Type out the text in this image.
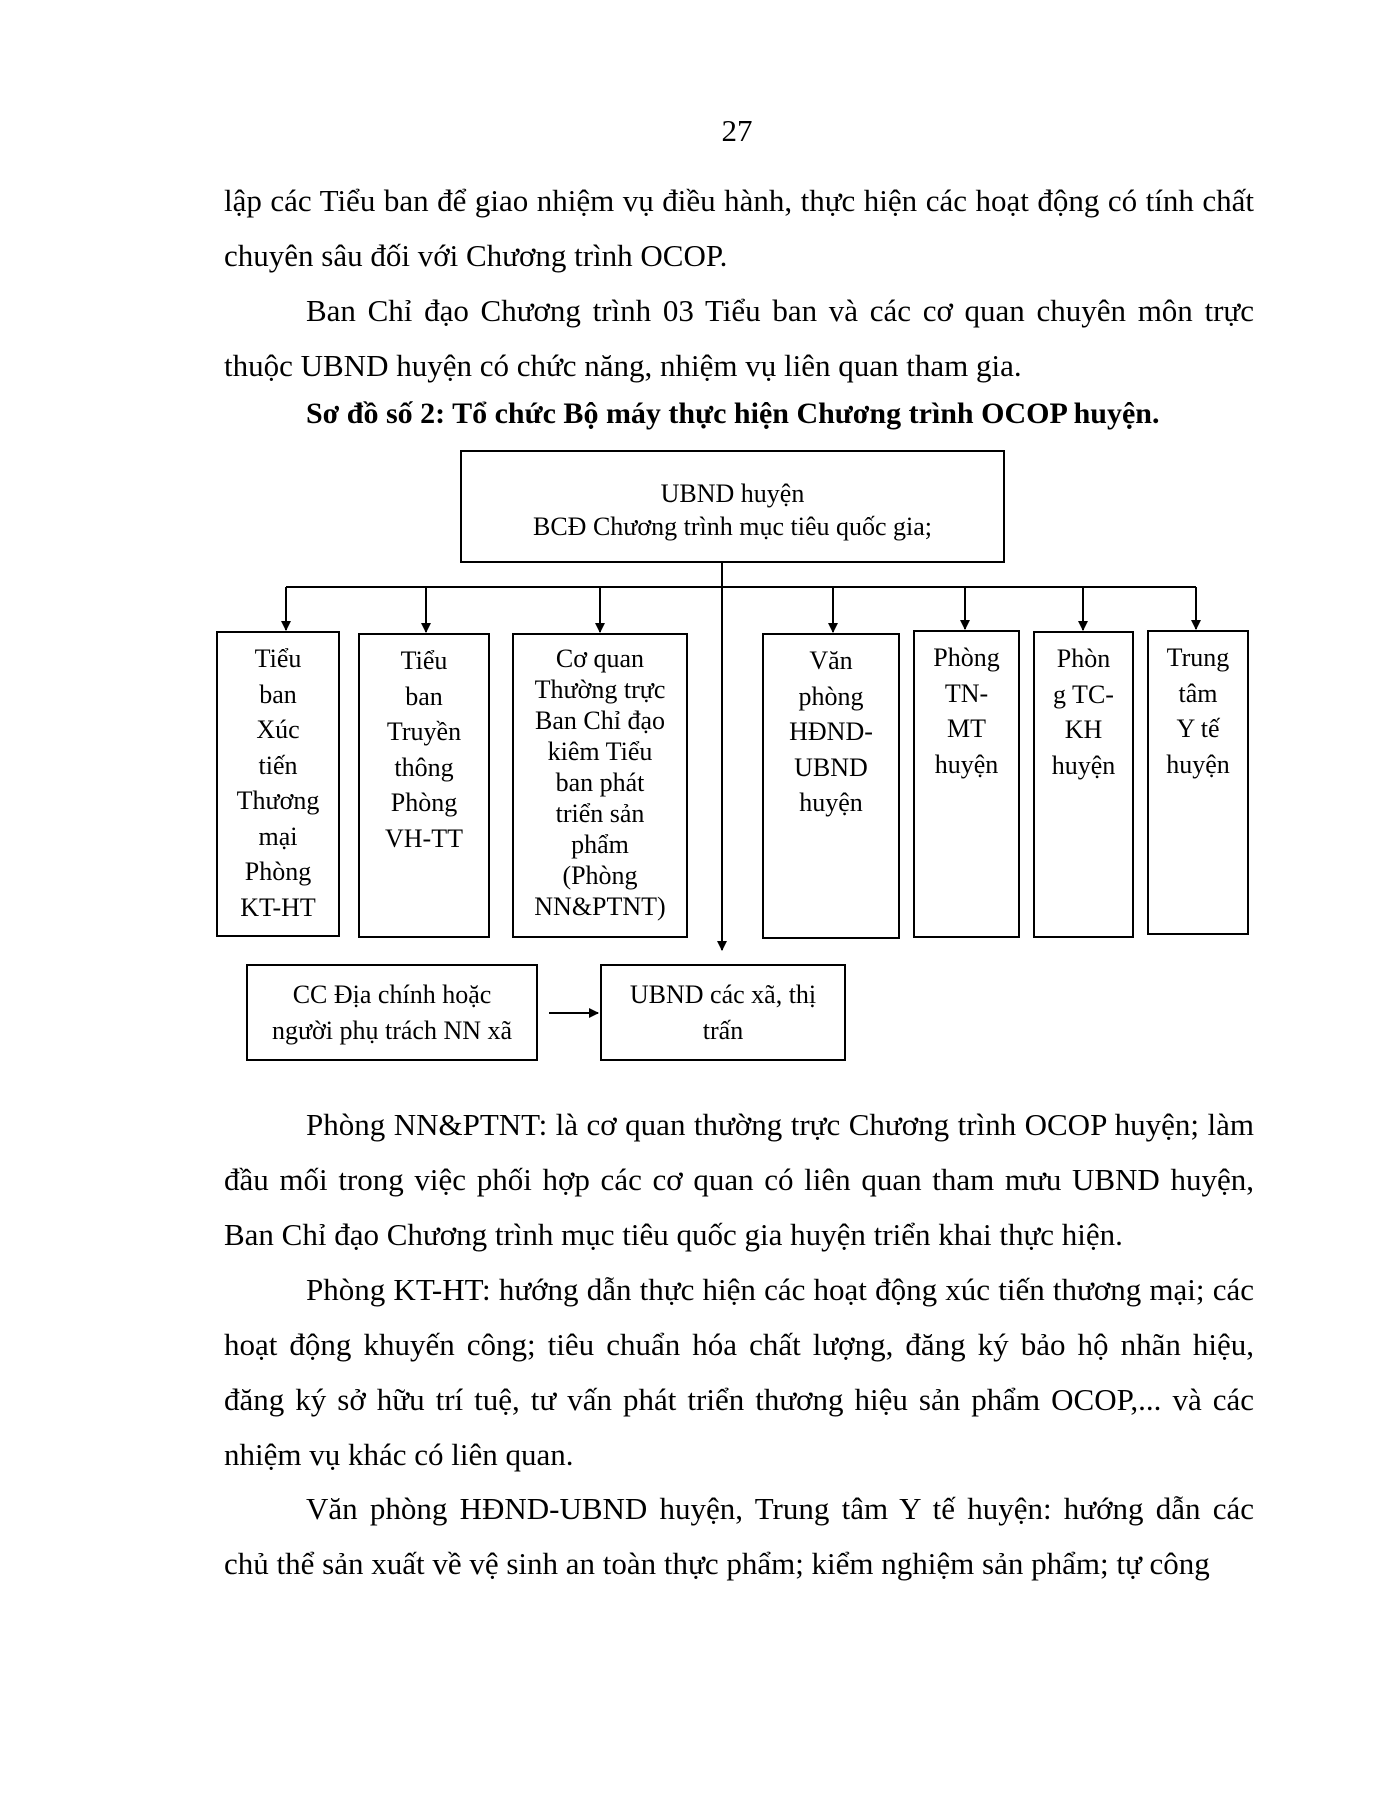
27

lập các Tiểu ban để giao nhiệm vụ điều hành, thực hiện các hoạt động có tính chất chuyên sâu đối với Chương trình OCOP.

Ban Chỉ đạo Chương trình 03 Tiểu ban và các cơ quan chuyên môn trực thuộc UBND huyện có chức năng, nhiệm vụ liên quan tham gia.

Sơ đồ số 2: Tổ chức Bộ máy thực hiện Chương trình OCOP huyện.
UBND huyện
BCĐ Chương trình mục tiêu quốc gia;
Tiểu
ban
Xúc
tiến
Thương
mại
Phòng
KT-HT
Tiểu
ban
Truyền
thông
Phòng
VH-TT
Cơ quan
Thường trực
Ban Chỉ đạo
kiêm Tiểu
ban phát
triển sản
phẩm
(Phòng
NN&PTNT)
Văn
phòng
HĐND-
UBND
huyện
Phòng
TN-
MT
huyện
Phòn
g TC-
KH
huyện
Trung
tâm
Y tế
huyện
CC Địa chính hoặc
người phụ trách NN xã
UBND các xã, thị
trấn

Phòng NN&PTNT: là cơ quan thường trực Chương trình OCOP huyện; làm đầu mối trong việc phối hợp các cơ quan có liên quan tham mưu UBND huyện, Ban Chỉ đạo Chương trình mục tiêu quốc gia huyện triển khai thực hiện.

Phòng KT-HT: hướng dẫn thực hiện các hoạt động xúc tiến thương mại; các hoạt động khuyến công; tiêu chuẩn hóa chất lượng, đăng ký bảo hộ nhãn hiệu, đăng ký sở hữu trí tuệ, tư vấn phát triển thương hiệu sản phẩm OCOP,... và các nhiệm vụ khác có liên quan.

Văn phòng HĐND-UBND huyện, Trung tâm Y tế huyện: hướng dẫn các chủ thể sản xuất về vệ sinh an toàn thực phẩm; kiểm nghiệm sản phẩm; tự công
